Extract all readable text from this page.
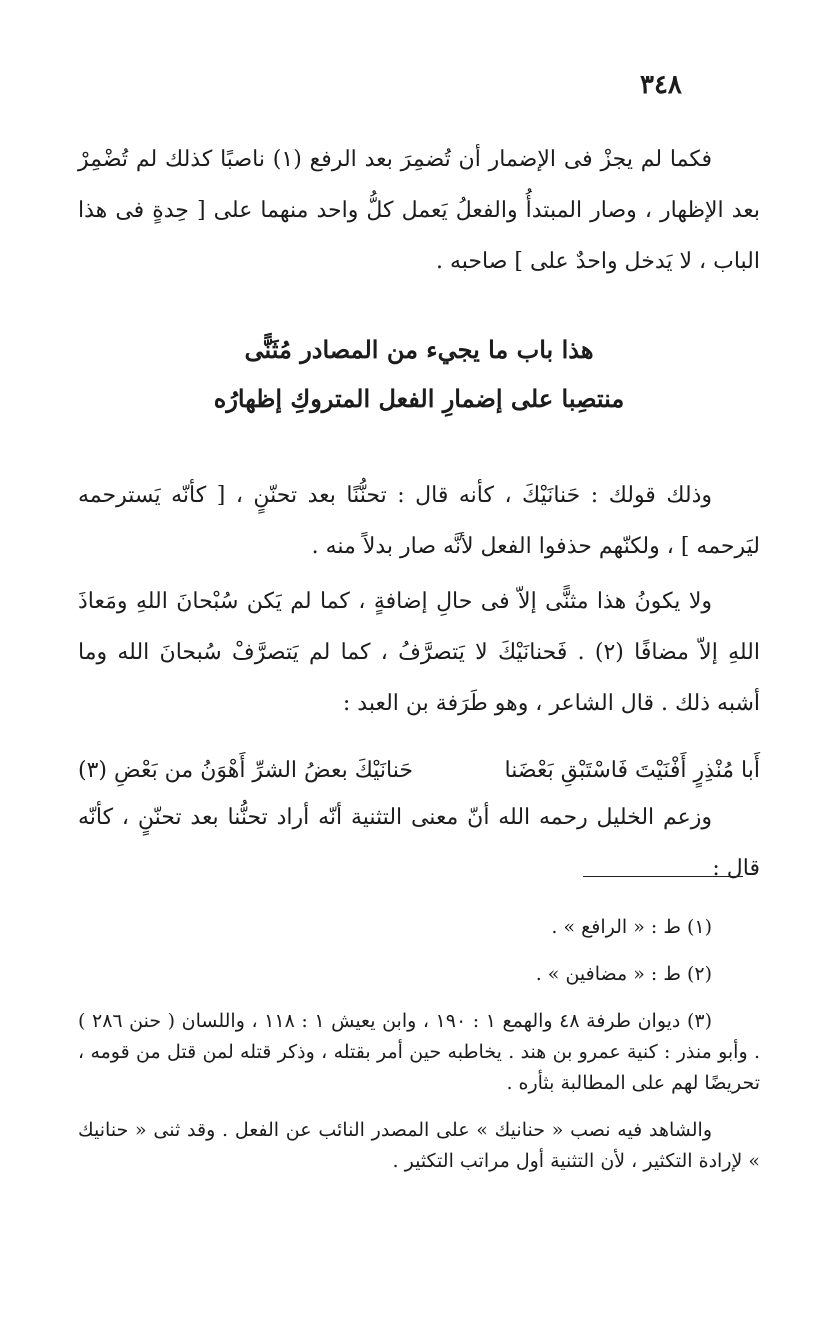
٣٤٨

فكما لم يجزْ فى الإضمار أن تُضمِرَ بعد الرفع (١) ناصبًا كذلك لم تُضْمِرْ بعد الإظهار ، وصار المبتدأُ والفعلُ يَعمل كلُّ واحد منهما على [ حِدةٍ فى هذا الباب ، لا يَدخل واحدٌ على ] صاحبه .

هذا باب ما يجيء من المصادر مُثَنًّى
منتصِبا على إضمارِ الفعل المتروكِ إظهارُه

وذلك قولك : حَنانَيْكَ ، كأنه قال : تحنُّنًا بعد تحنّنٍ ، [ كأنّه يَسترحمه ليَرحمه ] ، ولكنّهم حذفوا الفعل لأنَّه صار بدلاً منه .

ولا يكونُ هذا مثنًّى إلاّ فى حالِ إضافةٍ ، كما لم يَكن سُبْحانَ اللهِ ومَعاذَ اللهِ إلاّ مضافًا (٢) . فَحنانَيْكَ لا يَتصرَّفُ ، كما لم يَتصرَّفْ سُبحانَ الله وما أشبه ذلك . قال الشاعر ، وهو طَرَفة بن العبد :

أَبا مُنْذِرٍ أَفْنَيْتَ فَاسْتَبْقِ بَعْضَنا
حَنانَيْكَ بعضُ الشرِّ أَهْوَنُ من بَعْضِ (٣)

وزعم الخليل رحمه الله أنّ معنى التثنية أنّه أراد تحنُّنا بعد تحنّنٍ ، كأنّه قال :

(١) ط : « الرافع » .

(٢) ط : « مضافين » .

(٣) ديوان طرفة ٤٨ والهمع ١ : ١٩٠ ، وابن يعيش ١ : ١١٨ ، واللسان ( حنن ٢٨٦ ) . وأبو منذر : كنية عمرو بن هند . يخاطبه حين أمر بقتله ، وذكر قتله لمن قتل من قومه ، تحريضًا لهم على المطالبة بثأره .

والشاهد فيه نصب « حنانيك » على المصدر النائب عن الفعل . وقد ثنى « حنانيك » لإرادة التكثير ، لأن التثنية أول مراتب التكثير .
